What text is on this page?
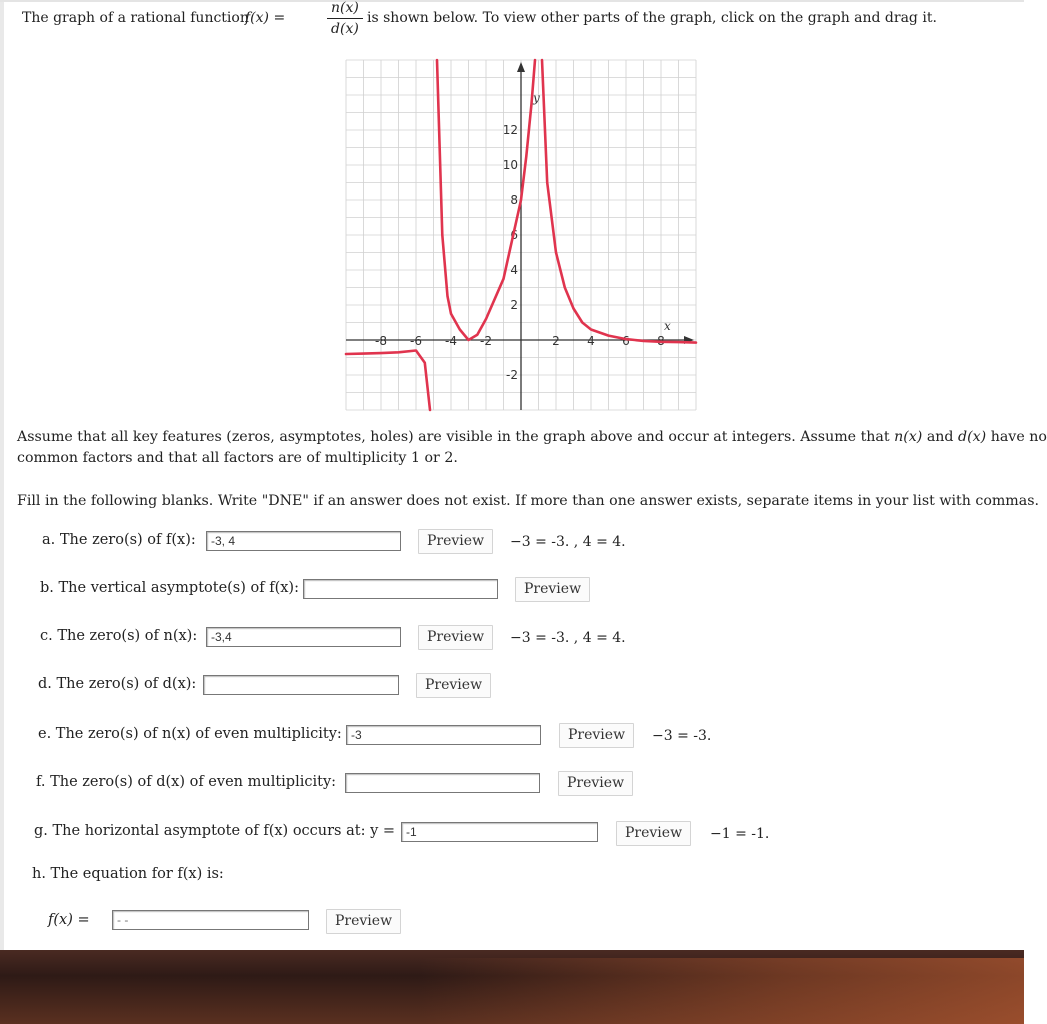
The graph of a rational function
f(x) =
n(x)
d(x)
is shown below. To view other parts of the graph, click on the graph and drag it.
x
y
-8 -6 -4 -2	2 4 6 8
12
10
8
6
4
2
-2
Assume that all key features (zeros, asymptotes, holes) are visible in the graph above and occur at integers. Assume that n(x) and d(x) have no
common factors and that all factors are of multiplicity 1 or 2.
Fill in the following blanks. Write "DNE" if an answer does not exist. If more than one answer exists, separate items in your list with commas.
a. The zero(s) of f(x):
-3, 4	Preview	−3 = -3. , 4 = 4.
b. The vertical asymptote(s) of f(x):	Preview
c. The zero(s) of n(x):
-3,4	Preview	−3 = -3. , 4 = 4.
d. The zero(s) of d(x):	Preview
e. The zero(s) of n(x) of even multiplicity:
-3	Preview	−3 = -3.
f. The zero(s) of d(x) of even multiplicity:	Preview
g. The horizontal asymptote of f(x) occurs at: y =
-1	Preview	−1 = -1.
h. The equation for f(x) is:
f(x) =
- -	Preview
